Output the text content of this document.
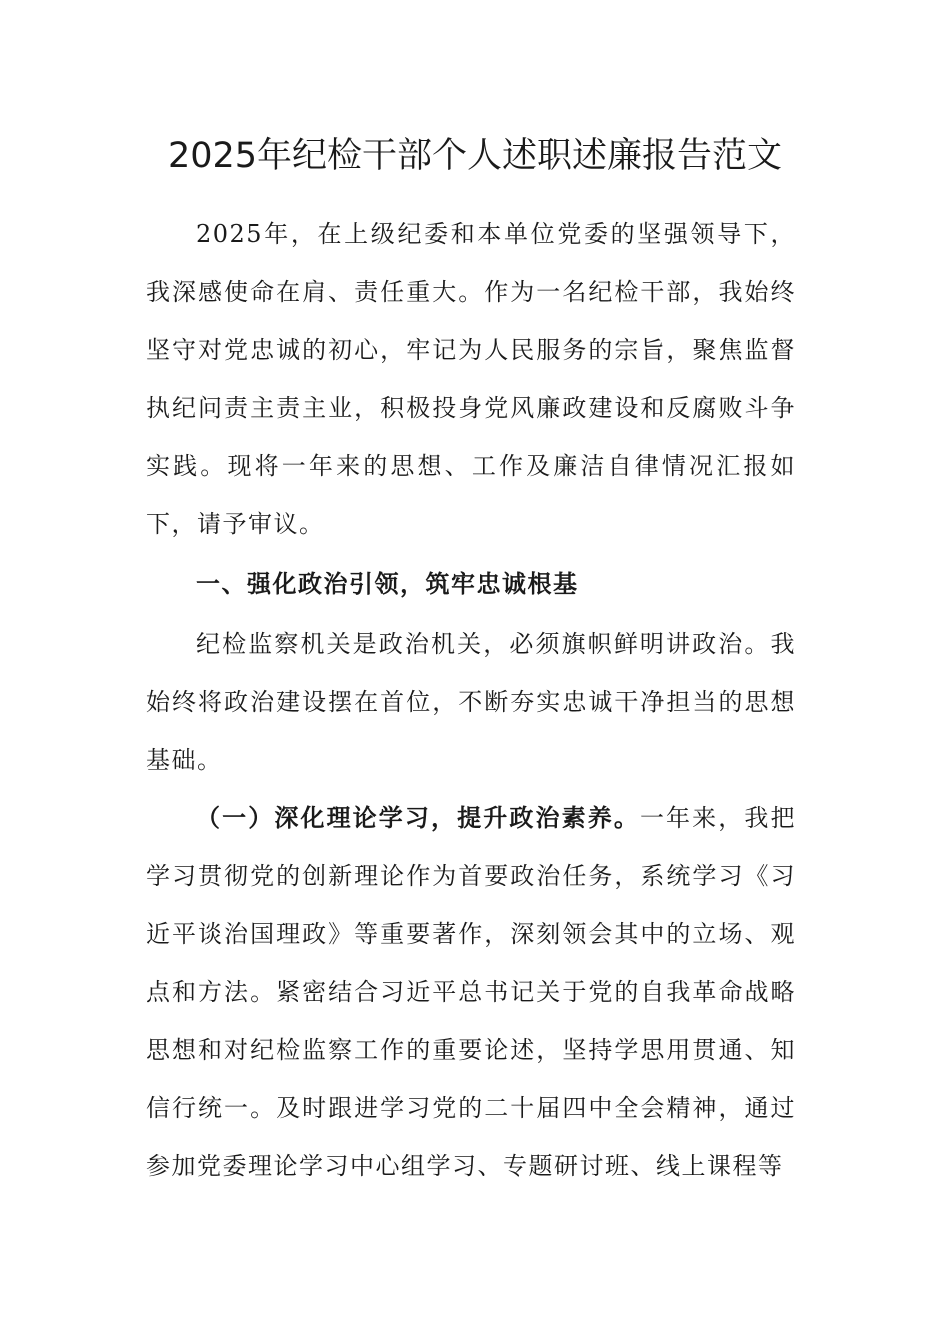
2025年纪检干部个人述职述廉报告范文

2025年，在上级纪委和本单位党委的坚强领导下，我深感使命在肩、责任重大。作为一名纪检干部，我始终坚守对党忠诚的初心，牢记为人民服务的宗旨，聚焦监督执纪问责主责主业，积极投身党风廉政建设和反腐败斗争实践。现将一年来的思想、工作及廉洁自律情况汇报如下，请予审议。

一、强化政治引领，筑牢忠诚根基

纪检监察机关是政治机关，必须旗帜鲜明讲政治。我始终将政治建设摆在首位，不断夯实忠诚干净担当的思想基础。

（一）深化理论学习，提升政治素养。一年来，我把学习贯彻党的创新理论作为首要政治任务，系统学习《习近平谈治国理政》等重要著作，深刻领会其中的立场、观点和方法。紧密结合习近平总书记关于党的自我革命战略思想和对纪检监察工作的重要论述，坚持学思用贯通、知信行统一。及时跟进学习党的二十届四中全会精神，通过参加党委理论学习中心组学习、专题研讨班、线上课程等
